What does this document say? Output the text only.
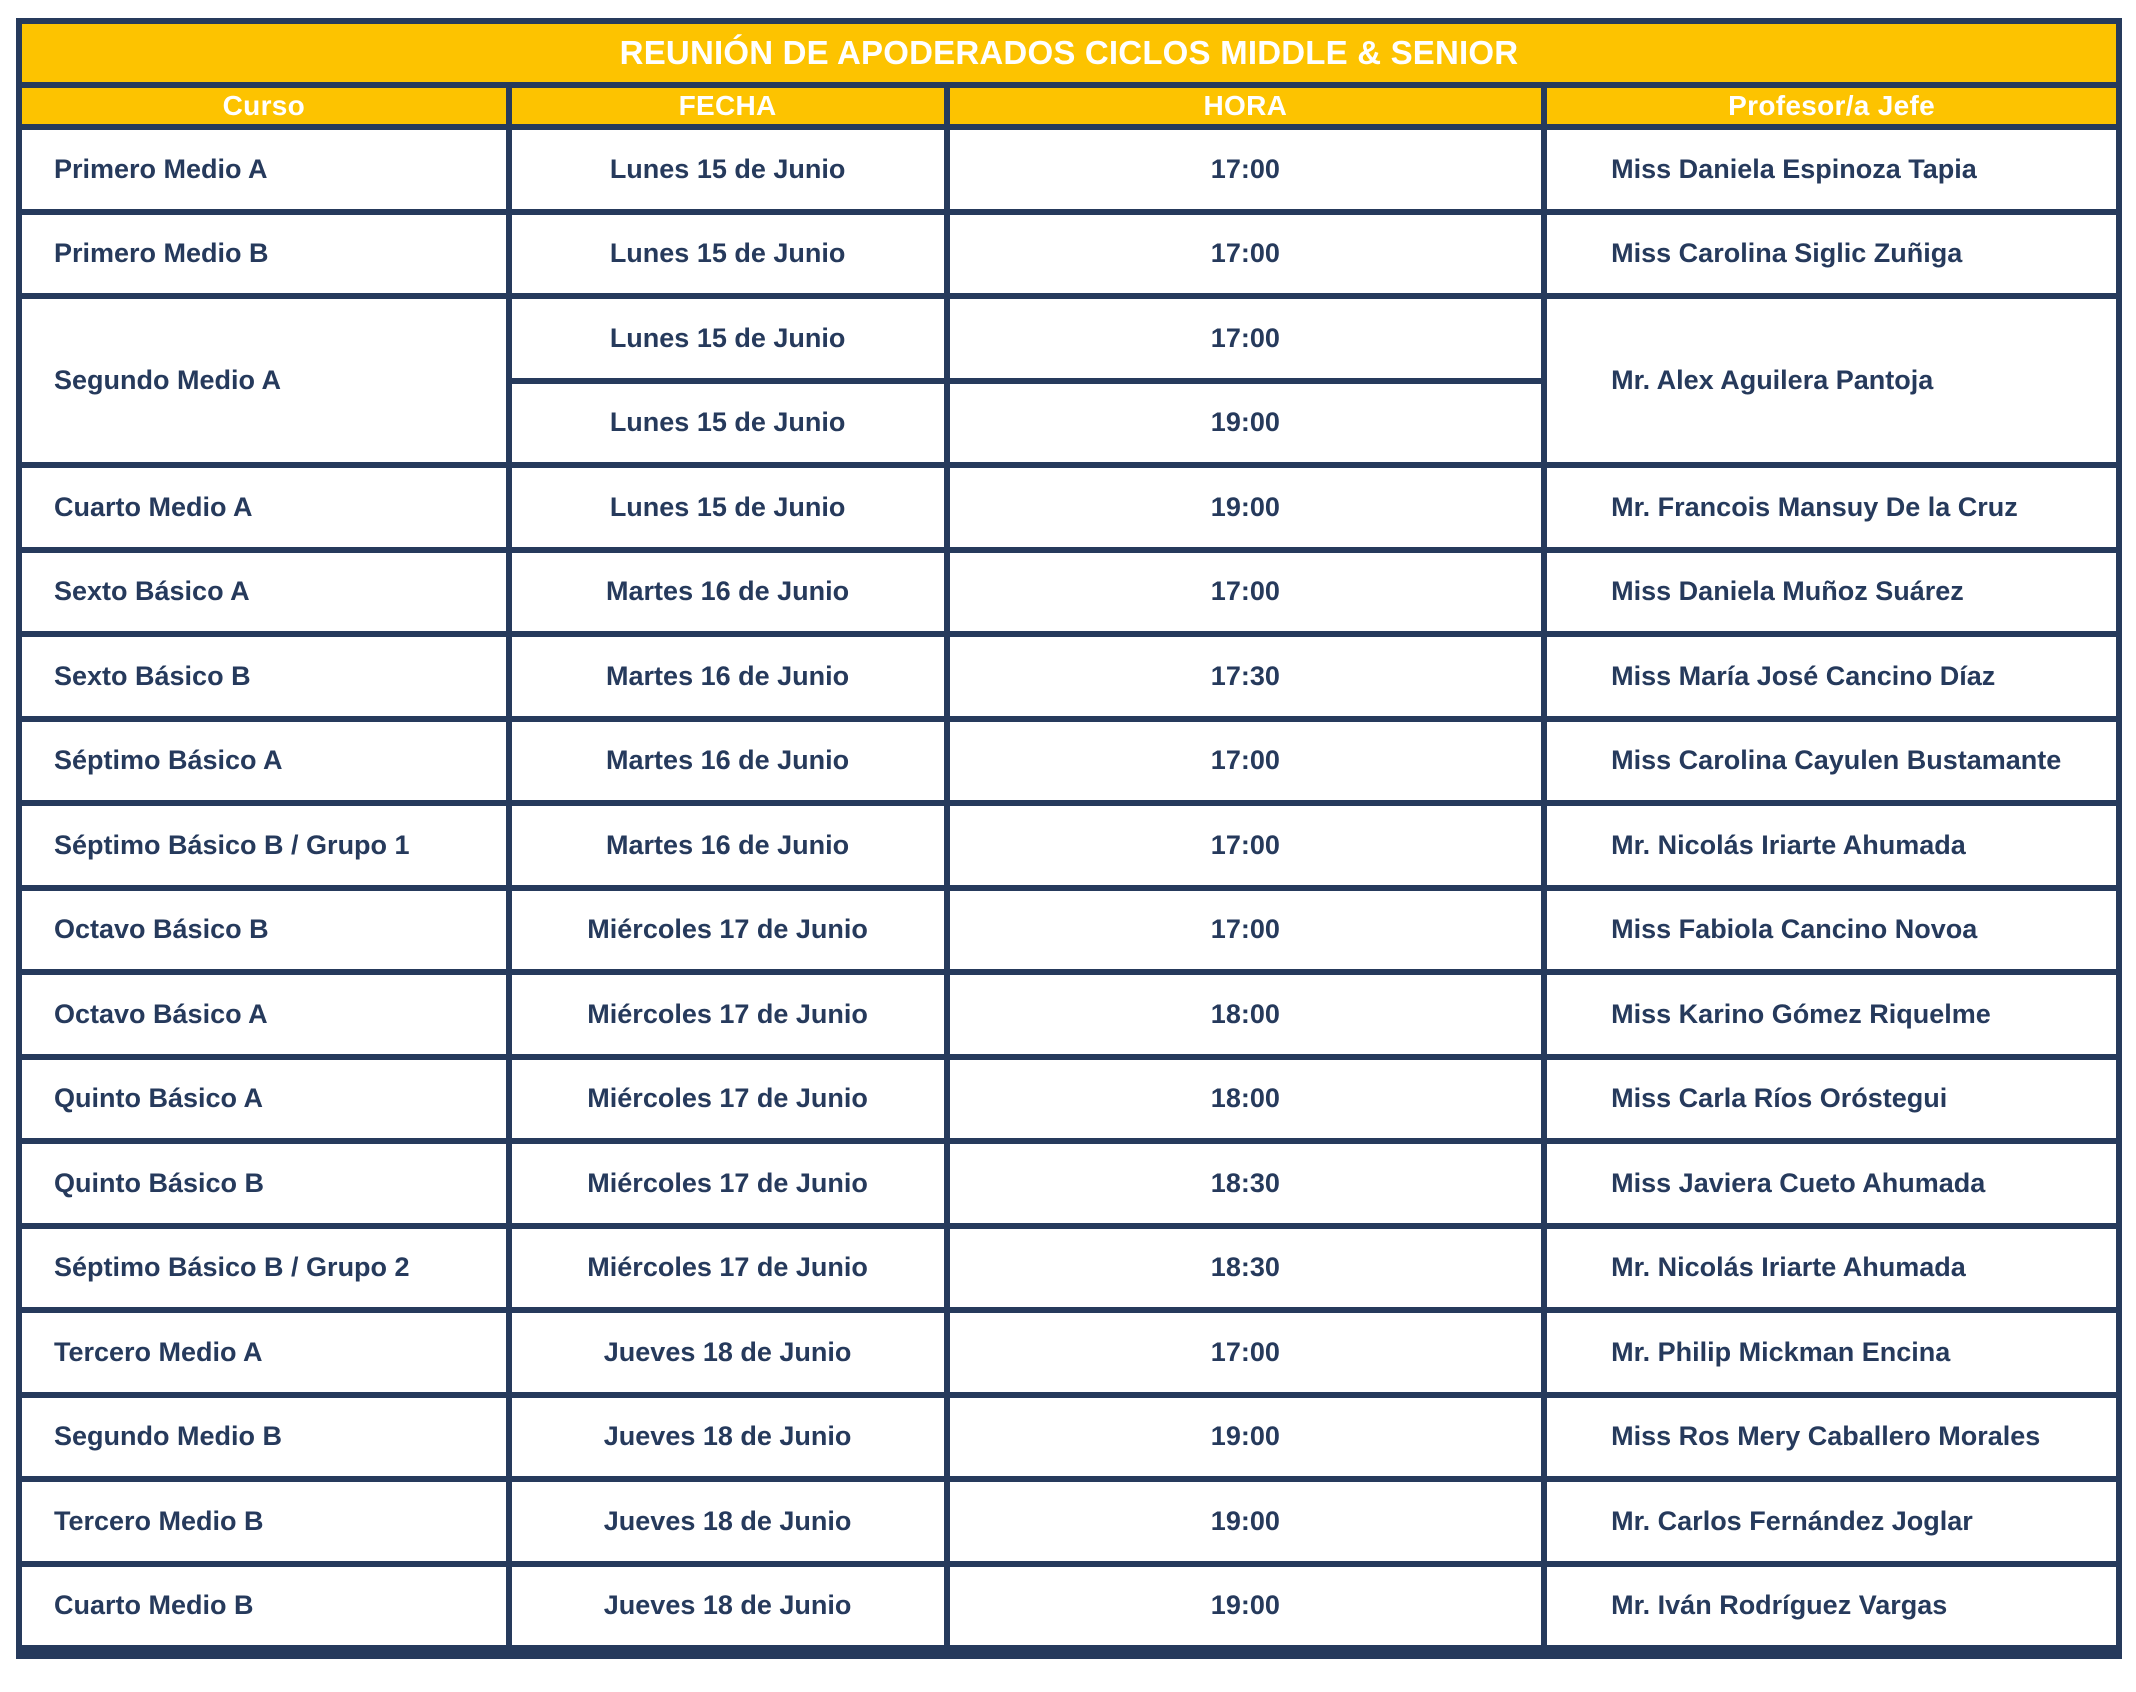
REUNIÓN DE APODERADOS CICLOS MIDDLE & SENIOR			
Curso	FECHA	HORA	Profesor/a Jefe
Primero Medio A	Lunes 15 de Junio	17:00	Miss Daniela Espinoza Tapia
Primero Medio B	Lunes 15 de Junio	17:00	Miss Carolina Siglic Zuñiga
Segundo Medio A	Lunes 15 de Junio	17:00	Mr. Alex Aguilera Pantoja
	Lunes 15 de Junio	19:00	
Cuarto Medio A	Lunes 15 de Junio	19:00	Mr. Francois Mansuy De la Cruz
Sexto Básico A	Martes 16 de Junio	17:00	Miss Daniela Muñoz Suárez
Sexto Básico B	Martes 16 de Junio	17:30	Miss María José Cancino Díaz
Séptimo Básico A	Martes 16 de Junio	17:00	Miss Carolina Cayulen Bustamante
Séptimo Básico B / Grupo 1	Martes 16 de Junio	17:00	Mr. Nicolás Iriarte Ahumada
Octavo Básico B	Miércoles 17 de Junio	17:00	Miss Fabiola Cancino Novoa
Octavo Básico A	Miércoles 17 de Junio	18:00	Miss Karino Gómez Riquelme
Quinto Básico A	Miércoles 17 de Junio	18:00	Miss Carla Ríos Oróstegui
Quinto Básico B	Miércoles 17 de Junio	18:30	Miss Javiera Cueto Ahumada
Séptimo Básico B / Grupo 2	Miércoles 17 de Junio	18:30	Mr. Nicolás Iriarte Ahumada
Tercero Medio A	Jueves 18 de Junio	17:00	Mr. Philip Mickman Encina
Segundo Medio B	Jueves 18 de Junio	19:00	Miss Ros Mery Caballero Morales
Tercero Medio B	Jueves 18 de Junio	19:00	Mr. Carlos Fernández Joglar
Cuarto Medio B	Jueves 18 de Junio	19:00	Mr. Iván Rodríguez Vargas
